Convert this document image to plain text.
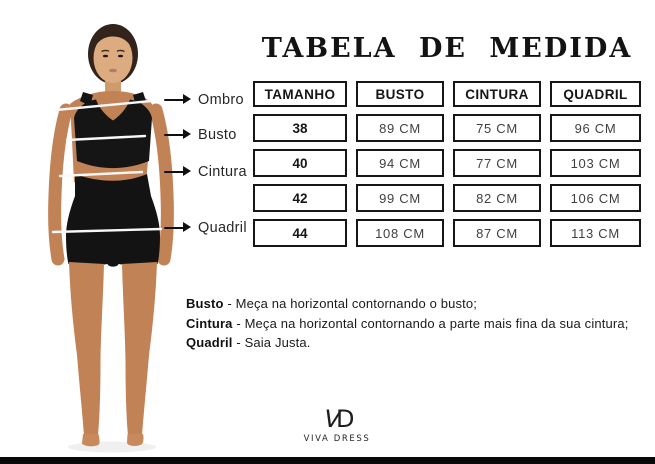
Ombro
Busto
Cintura
Quadril
TABELA DE MEDIDA
TAMANHO	BUSTO	CINTURA	QUADRIL
38	89 CM	75 CM	96 CM
40	94 CM	77 CM	103 CM
42	99 CM	82 CM	106 CM
44	108 CM	87 CM	113 CM

Busto - Meça na horizontal contornando o busto;

Cintura - Meça na horizontal contornando a parte mais fina da sua cintura;

Quadril - Saia Justa.

VD
VIVA DRESS
